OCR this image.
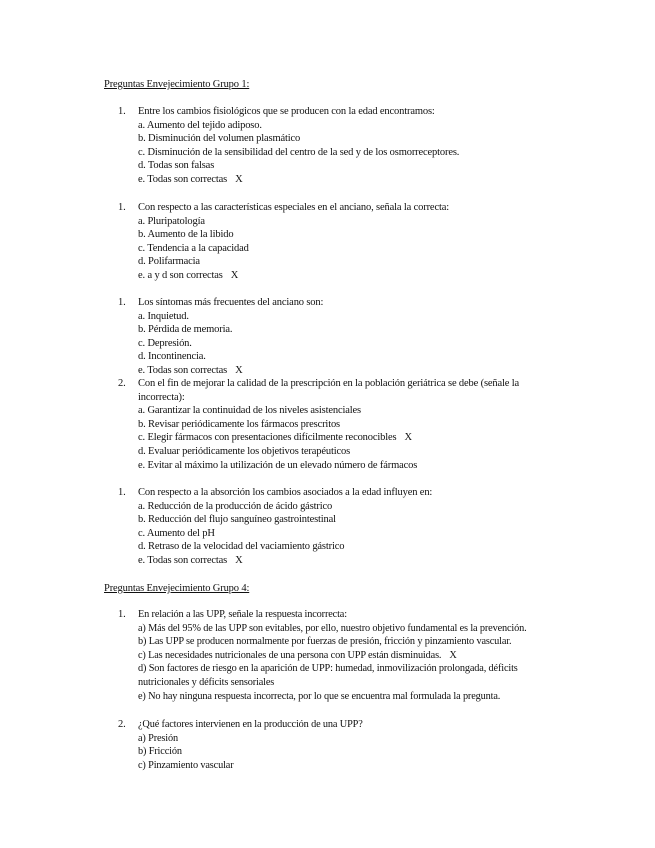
Preguntas Envejecimiento Grupo 1:
1.	Entre los cambios fisiológicos que se producen con la edad encontramos:
a. Aumento del tejido adiposo.
b. Disminución del volumen plasmático
c. Disminución de la sensibilidad del centro de la sed y de los osmorreceptores.
d. Todas son falsas
e. Todas son correctas X
1.	Con respecto a las características especiales en el anciano, señala la correcta:
a. Pluripatología
b. Aumento de la libido
c. Tendencia a la capacidad
d. Polifarmacia
e. a y d son correctas X
1.	Los síntomas más frecuentes del anciano son:
a. Inquietud.
b. Pérdida de memoria.
c. Depresión.
d. Incontinencia.
e. Todas son correctas X
2.	Con el fin de mejorar la calidad de la prescripción en la población geriátrica se debe (señale la incorrecta):
a. Garantizar la continuidad de los niveles asistenciales
b. Revisar periódicamente los fármacos prescritos
c. Elegir fármacos con presentaciones difícilmente reconocibles X
d. Evaluar periódicamente los objetivos terapéuticos
e. Evitar al máximo la utilización de un elevado número de fármacos
1.	Con respecto a la absorción los cambios asociados a la edad influyen en:
a. Reducción de la producción de ácido gástrico
b. Reducción del flujo sanguíneo gastrointestinal
c. Aumento del pH
d. Retraso de la velocidad del vaciamiento gástrico
e. Todas son correctas X
Preguntas Envejecimiento Grupo 4:
1.	En relación a las UPP, señale la respuesta incorrecta:
a) Más del 95% de las UPP son evitables, por ello, nuestro objetivo fundamental es la prevención.
b) Las UPP se producen normalmente por fuerzas de presión, fricción y pinzamiento vascular.
c) Las necesidades nutricionales de una persona con UPP están disminuidas. X
d) Son factores de riesgo en la aparición de UPP: humedad, inmovilización prolongada, déficits nutricionales y déficits sensoriales
e) No hay ninguna respuesta incorrecta, por lo que se encuentra mal formulada la pregunta.
2.	¿Qué factores intervienen en la producción de una UPP?
a) Presión
b) Fricción
c) Pinzamiento vascular
